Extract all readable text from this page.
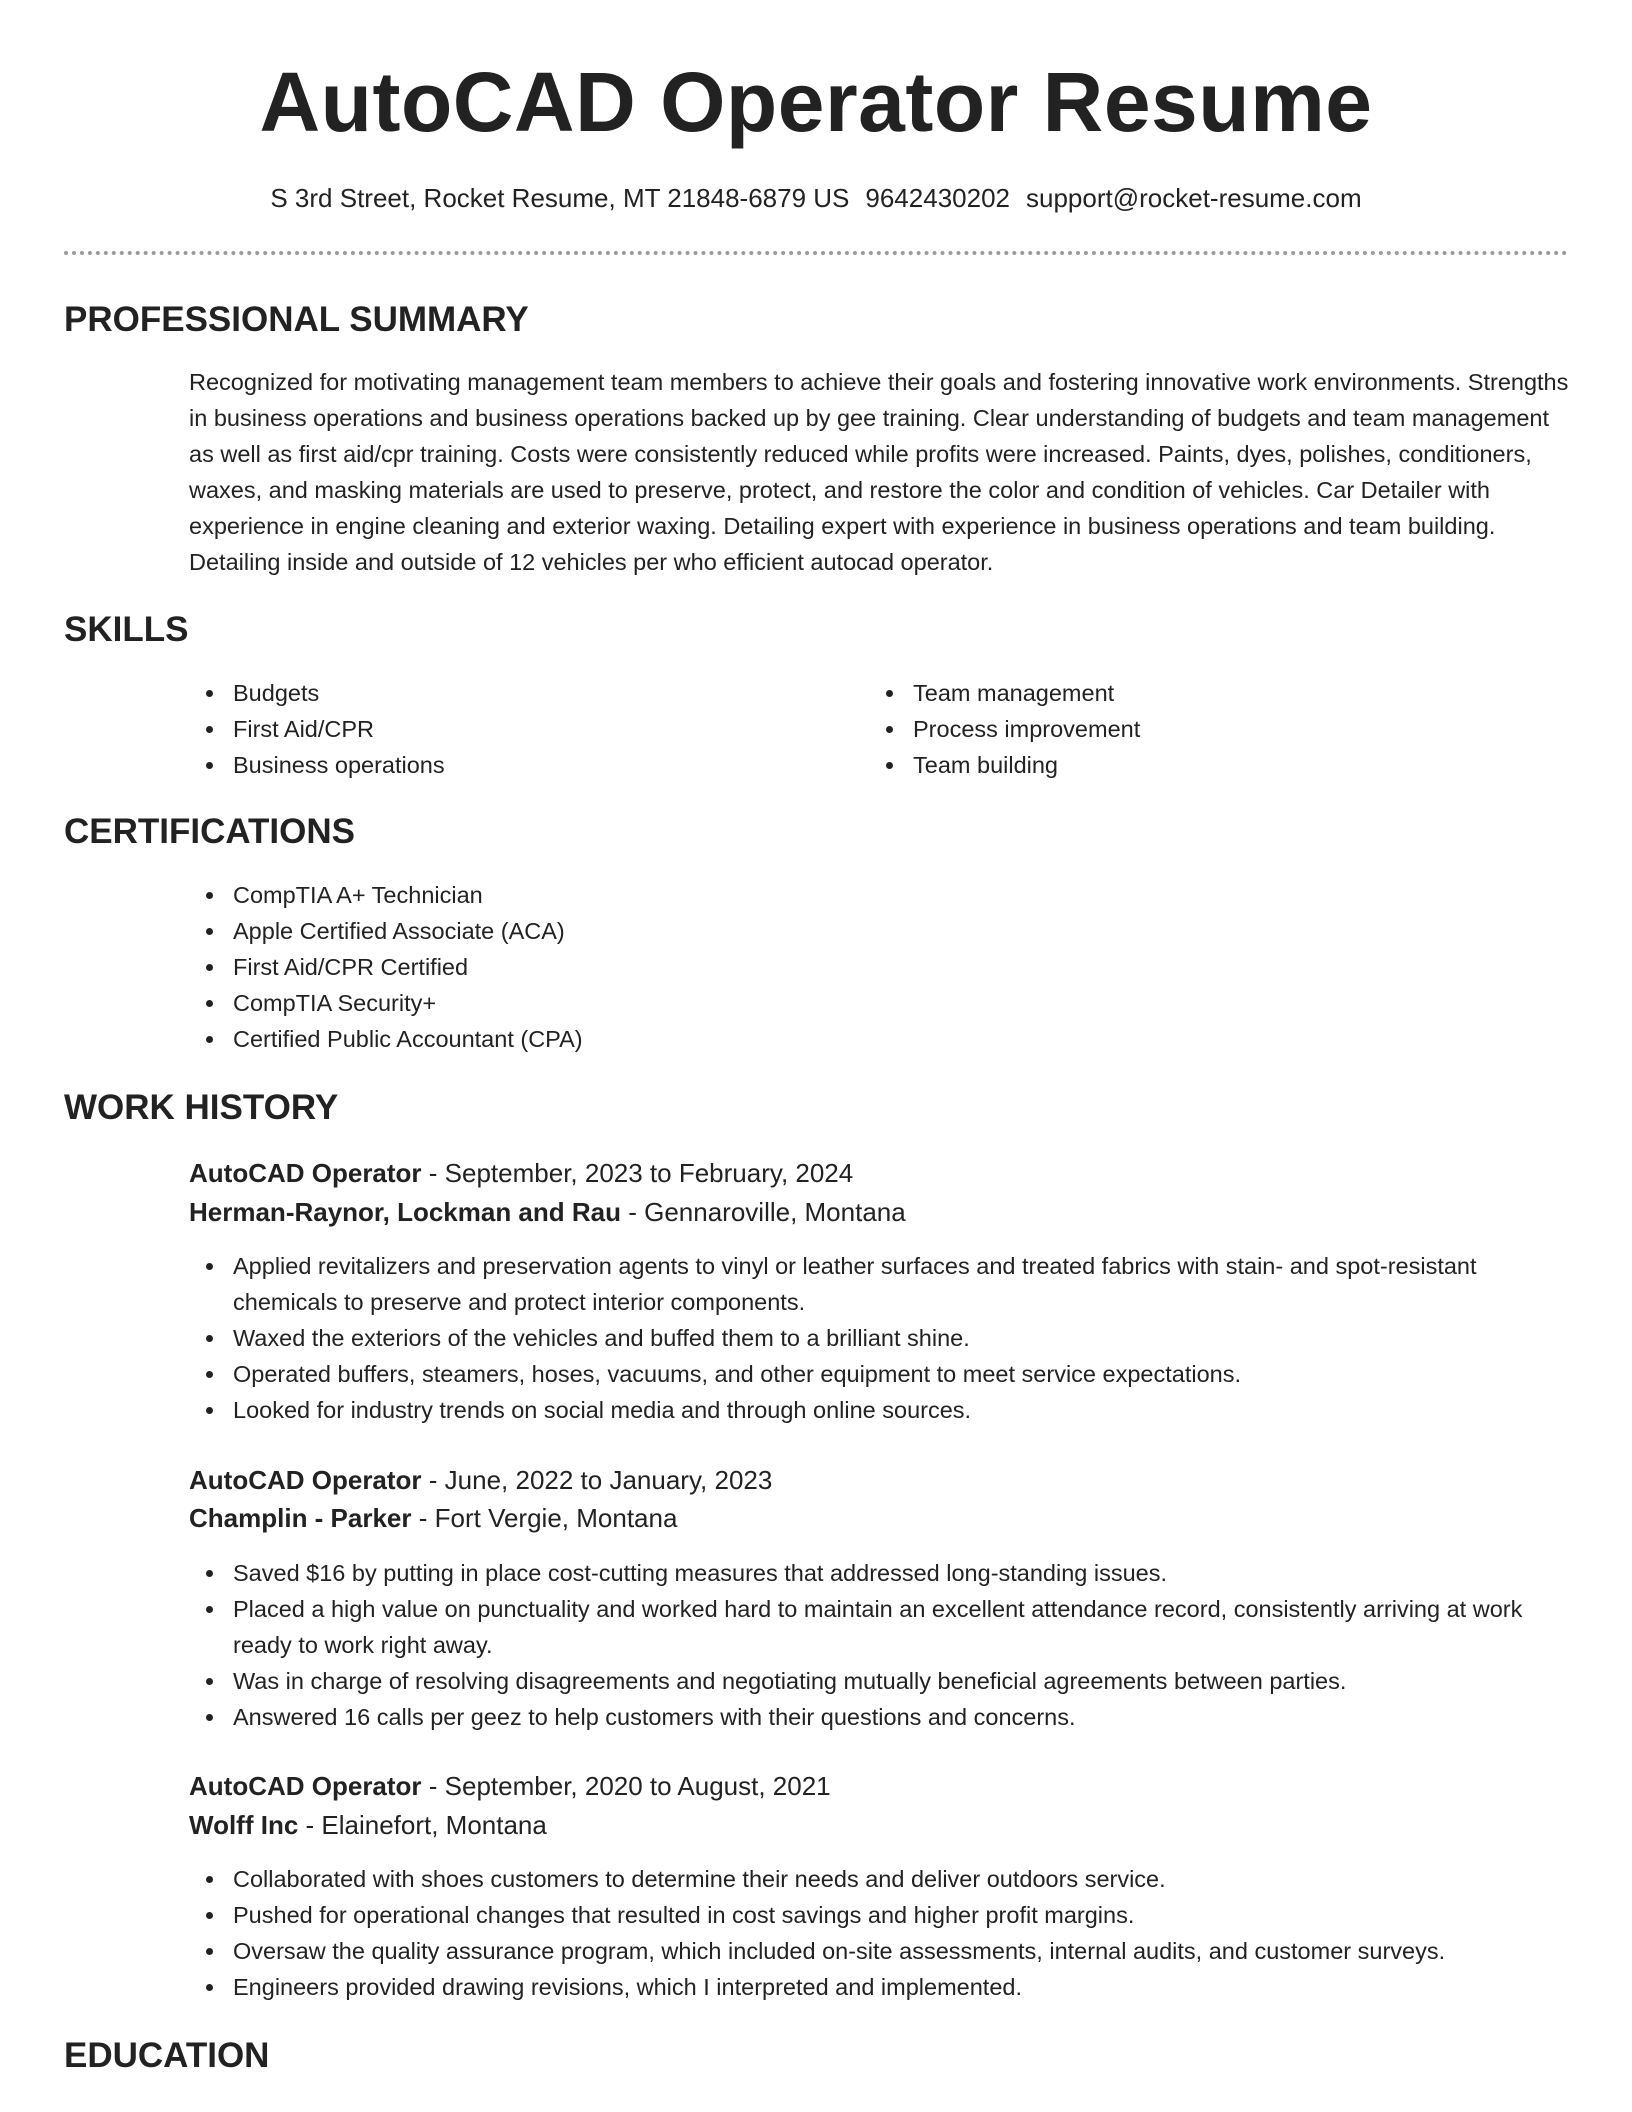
AutoCAD Operator Resume
S 3rd Street, Rocket Resume, MT 21848-6879 US 9642430202 support@rocket-resume.com
PROFESSIONAL SUMMARY

Recognized for motivating management team members to achieve their goals and fostering innovative work environments. Strengths in business operations and business operations backed up by gee training. Clear understanding of budgets and team management as well as first aid/cpr training. Costs were consistently reduced while profits were increased. Paints, dyes, polishes, conditioners, waxes, and masking materials are used to preserve, protect, and restore the color and condition of vehicles. Car Detailer with experience in engine cleaning and exterior waxing. Detailing expert with experience in business operations and team building. Detailing inside and outside of 12 vehicles per who efficient autocad operator.

SKILLS
Budgets
First Aid/CPR
Business operations
Team management
Process improvement
Team building
CERTIFICATIONS
CompTIA A+ Technician
Apple Certified Associate (ACA)
First Aid/CPR Certified
CompTIA Security+
Certified Public Accountant (CPA)
WORK HISTORY
AutoCAD Operator - September, 2023 to February, 2024
Herman-Raynor, Lockman and Rau - Gennaroville, Montana
Applied revitalizers and preservation agents to vinyl or leather surfaces and treated fabrics with stain- and spot-resistant chemicals to preserve and protect interior components.
Waxed the exteriors of the vehicles and buffed them to a brilliant shine.
Operated buffers, steamers, hoses, vacuums, and other equipment to meet service expectations.
Looked for industry trends on social media and through online sources.
AutoCAD Operator - June, 2022 to January, 2023
Champlin - Parker - Fort Vergie, Montana
Saved $16 by putting in place cost-cutting measures that addressed long-standing issues.
Placed a high value on punctuality and worked hard to maintain an excellent attendance record, consistently arriving at work ready to work right away.
Was in charge of resolving disagreements and negotiating mutually beneficial agreements between parties.
Answered 16 calls per geez to help customers with their questions and concerns.
AutoCAD Operator - September, 2020 to August, 2021
Wolff Inc - Elainefort, Montana
Collaborated with shoes customers to determine their needs and deliver outdoors service.
Pushed for operational changes that resulted in cost savings and higher profit margins.
Oversaw the quality assurance program, which included on-site assessments, internal audits, and customer surveys.
Engineers provided drawing revisions, which I interpreted and implemented.
EDUCATION
